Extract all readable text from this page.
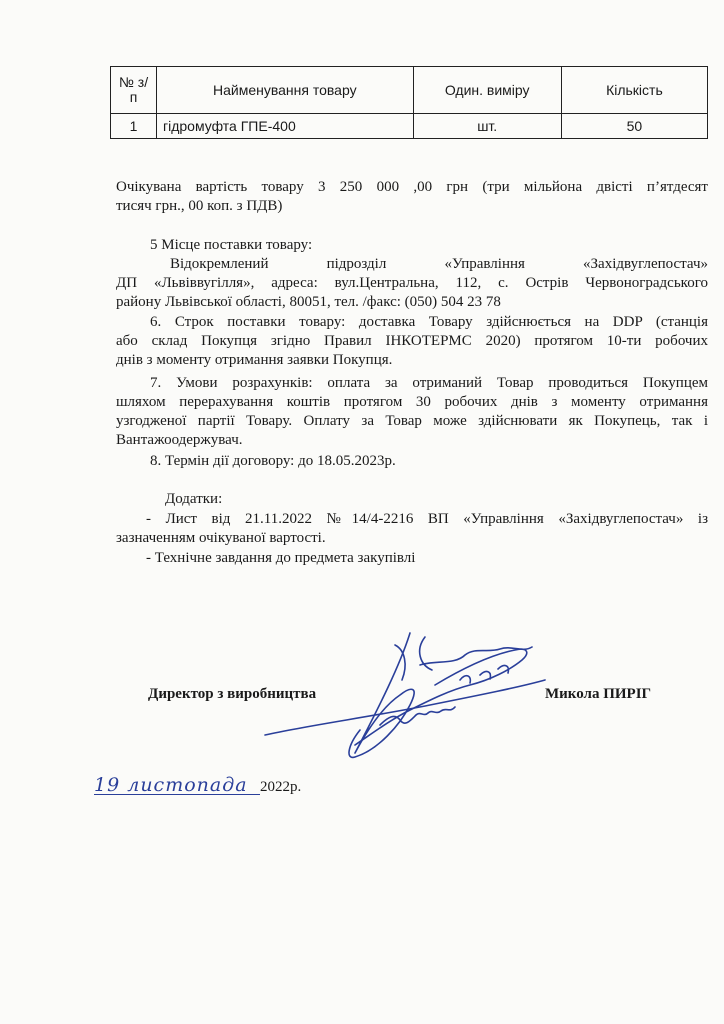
№ з/п	Найменування товару	Один. виміру	Кількість
1	гідромуфта ГПЕ-400	шт.	50

Очікувана вартість товару 3 250 000 ,00 грн (три мільйона двісті п’ятдесят

тисяч грн., 00 коп. з ПДВ)

5 Місце поставки товару:

Відокремлений підрозділ «Управління «Західвуглепостач»

ДП «Львіввугілля», адреса: вул.Центральна, 112, с. Острів Червоноградського

району Львівської області, 80051, тел. /факс: (050) 504 23 78

6. Строк поставки товару: доставка Товару здійснюється на DDP (станція

або склад Покупця згідно Правил ІНКОТЕРМС 2020) протягом 10-ти робочих

днів з моменту отримання заявки Покупця.

7. Умови розрахунків: оплата за отриманий Товар проводиться Покупцем

шляхом перерахування коштів протягом 30 робочих днів з моменту отримання

узгодженої партії Товару. Оплату за Товар може здійснювати як Покупець, так і

Вантажоодержувач.

8. Термін дії договору: до 18.05.2023р.

Додатки:

- Лист від 21.11.2022 №14/4-2216 ВП «Управління «Західвуглепостач» із

зазначенням очікуваної вартості.

- Технічне завдання до предмета закупівлі

Директор з виробництва	Микола ПИРІГ
19 листопада 2022р.
